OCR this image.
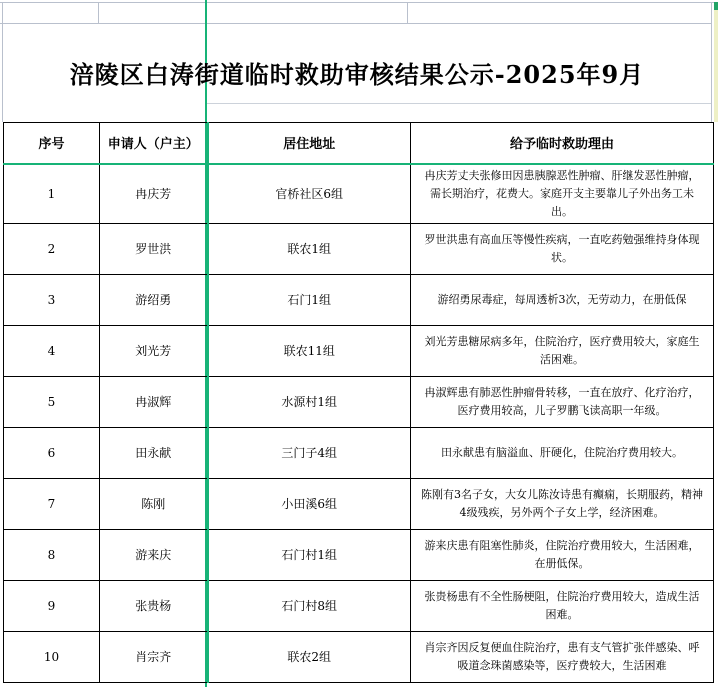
涪陵区白涛街道临时救助审核结果公示-2025年9月
序号	申请人（户主）	居住地址	给予临时救助理由
1	冉庆芳	官桥社区6组	冉庆芳丈夫张修田因患胰腺恶性肿瘤、肝继发恶性肿瘤，需长期治疗，花费大。家庭开支主要靠儿子外出务工未出。
2	罗世洪	联农1组	罗世洪患有高血压等慢性疾病，一直吃药勉强维持身体现状。
3	游绍勇	石门1组	游绍勇尿毒症，每周透析3次，无劳动力，在册低保
4	刘光芳	联农11组	刘光芳患糖尿病多年，住院治疗，医疗费用较大，家庭生活困难。
5	冉淑辉	水源村1组	冉淑辉患有肺恶性肿瘤骨转移，一直在放疗、化疗治疗，医疗费用较高，儿子罗鹏飞读高职一年级。
6	田永献	三门子4组	田永献患有脑溢血、肝硬化，住院治疗费用较大。
7	陈刚	小田溪6组	陈刚有3名子女，大女儿陈汝诗患有癫痫，长期服药，精神4级残疾，另外两个子女上学，经济困难。
8	游来庆	石门村1组	游来庆患有阻塞性肺炎，住院治疗费用较大，生活困难，在册低保。
9	张贵杨	石门村8组	张贵杨患有不全性肠梗阻，住院治疗费用较大，造成生活困难。
10	肖宗齐	联农2组	肖宗齐因反复便血住院治疗，患有支气管扩张伴感染、呼吸道念珠菌感染等，医疗费较大，生活困难
